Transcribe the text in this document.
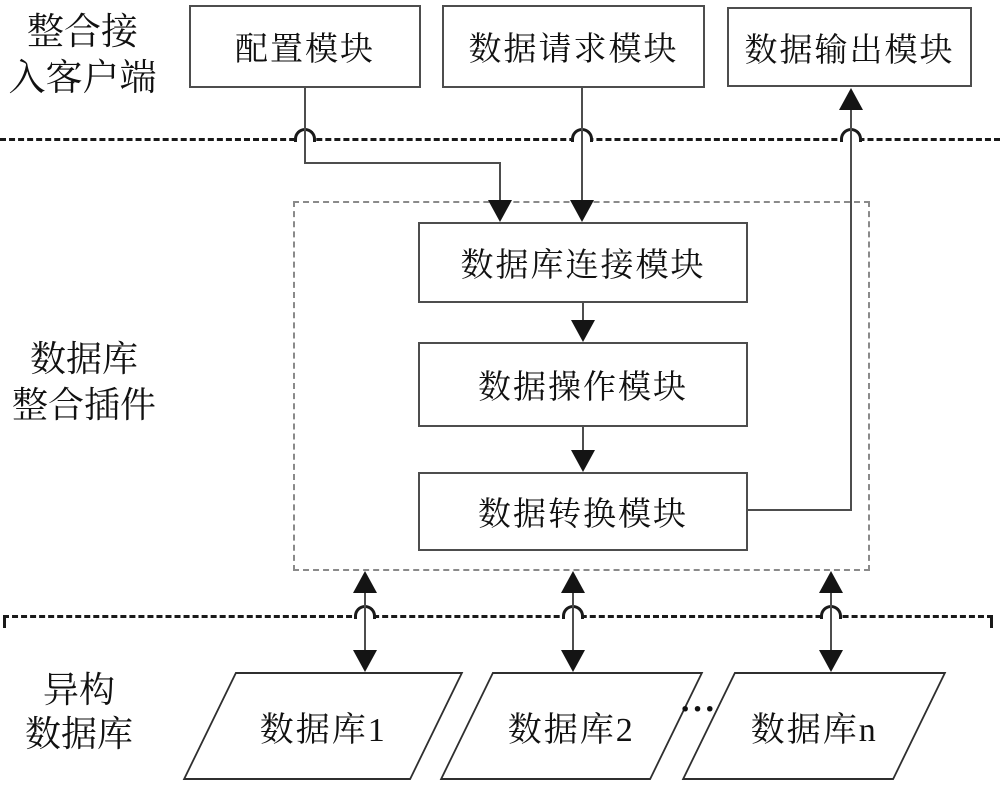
整合接
入客户端
数据库
整合插件
异构
数据库
配置模块	数据请求模块 数据输出模块
数据库连接模块
数据操作模块
数据转换模块
数据库1	数据库2	数据库n
···
